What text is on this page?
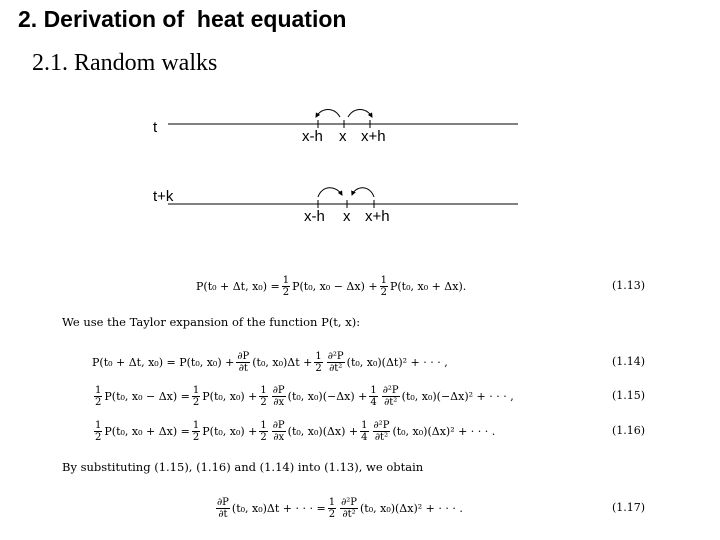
2. Derivation of  heat equation
2.1. Random walks
t
x-h x x+h
t+k
x-h x x+h
P(t₀ + Δt, $x_0) = \frac{1}{2} P(t_0$, $x_0 - \Delta x) + \frac{1}{2} P(t_0$, x₀ + Δx).	(1.13)
We use the Taylor expansion of the function P(t, x):
P(t₀ + Δt, x₀) = P(t₀, $x_0) + \frac{\partial P}{\partial t} (t_0$, $x_0)\Delta t + \frac{1}{2} \frac{\text{∂²P}}{\text{∂t²}} (t_0$, x₀)(Δt)² + · · · ,	(1.14)
$\frac{1}{2} P(t_0$, $x_0 - \Delta x) = \frac{1}{2} P(t_0$, $x_0) + \frac{1}{2} \frac{\partial P}{\partial x} (t_0$, $x_0)(-\Delta x) + \frac{1}{4} \frac{\text{∂²P}}{\text{∂t²}} (t_0$, x₀)(−Δx)² + · · · ,	(1.15)
$\frac{1}{2} P(t_0$, $x_0 + \Delta x) = \frac{1}{2} P(t_0$, $x_0) + \frac{1}{2} \frac{\partial P}{\partial x} (t_0$, $x_0)(\Delta x) + \frac{1}{4} \frac{\text{∂²P}}{\text{∂t²}} (t_0$, x₀)(Δx)² + · · · .	(1.16)
By substituting (1.15), (1.16) and (1.14) into (1.13), we obtain
$\frac{\partial P}{\partial t} (t_0$, x₀)Δt + · · · = $\frac{1}{2} \frac{\text{∂²P}}{\text{∂t²}} (t_0$, x₀)(Δx)² + · · · .	(1.17)
